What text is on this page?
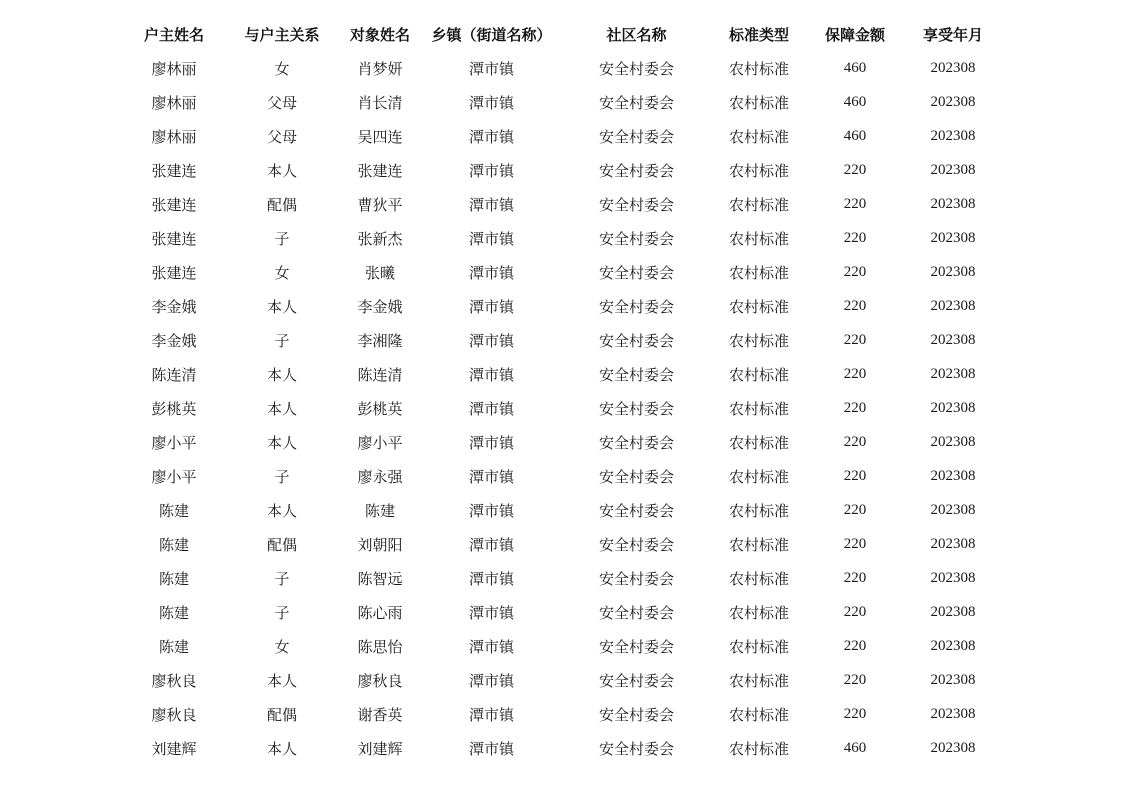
户主姓名	与户主关系	对象姓名	乡镇（街道名称）	社区名称	标准类型	保障金额	享受年月
廖林丽	女	肖梦妍	潭市镇	安全村委会	农村标准	460	202308
廖林丽	父母	肖长清	潭市镇	安全村委会	农村标准	460	202308
廖林丽	父母	吴四连	潭市镇	安全村委会	农村标准	460	202308
张建连	本人	张建连	潭市镇	安全村委会	农村标准	220	202308
张建连	配偶	曹狄平	潭市镇	安全村委会	农村标准	220	202308
张建连	子	张新杰	潭市镇	安全村委会	农村标准	220	202308
张建连	女	张曦	潭市镇	安全村委会	农村标准	220	202308
李金娥	本人	李金娥	潭市镇	安全村委会	农村标准	220	202308
李金娥	子	李湘隆	潭市镇	安全村委会	农村标准	220	202308
陈连清	本人	陈连清	潭市镇	安全村委会	农村标准	220	202308
彭桃英	本人	彭桃英	潭市镇	安全村委会	农村标准	220	202308
廖小平	本人	廖小平	潭市镇	安全村委会	农村标准	220	202308
廖小平	子	廖永强	潭市镇	安全村委会	农村标准	220	202308
陈建	本人	陈建	潭市镇	安全村委会	农村标准	220	202308
陈建	配偶	刘朝阳	潭市镇	安全村委会	农村标准	220	202308
陈建	子	陈智远	潭市镇	安全村委会	农村标准	220	202308
陈建	子	陈心雨	潭市镇	安全村委会	农村标准	220	202308
陈建	女	陈思怡	潭市镇	安全村委会	农村标准	220	202308
廖秋良	本人	廖秋良	潭市镇	安全村委会	农村标准	220	202308
廖秋良	配偶	谢香英	潭市镇	安全村委会	农村标准	220	202308
刘建辉	本人	刘建辉	潭市镇	安全村委会	农村标准	460	202308
